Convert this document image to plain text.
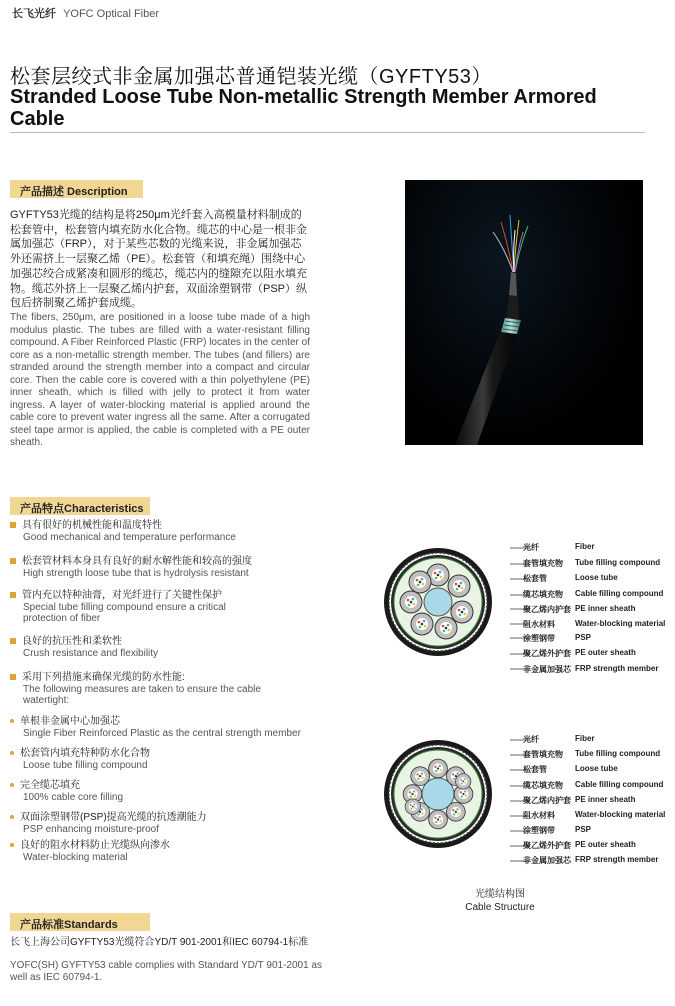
长飞光纤 YOFC Optical Fiber
松套层绞式非金属加强芯普通铠装光缆（GYFTY53）
Stranded Loose Tube Non-metallic Strength Member Armored Cable
产品描述 Description
GYFTY53光缆的结构是将250μm光纤套入高模量材料制成的松套管中，松套管内填充防水化合物。缆芯的中心是一根非金属加强芯（FRP），对于某些芯数的光缆来说，非金属加强芯外还需挤上一层聚乙烯（PE）。松套管（和填充绳）围绕中心加强芯绞合成紧凑和圆形的缆芯，缆芯内的缝隙充以阻水填充物。缆芯外挤上一层聚乙烯内护套，双面涂塑钢带（PSP）纵包后挤制聚乙烯护套成缆。
The fibers, 250μm, are positioned in a loose tube made of a high modulus plastic. The tubes are filled with a water-resistant filling compound. A Fiber Reinforced Plastic (FRP) locates in the center of core as a non-metallic strength member. The tubes (and fillers) are stranded around the strength member into a compact and circular core. Then the cable core is covered with a thin polyethylene (PE) inner sheath, which is filled with jelly to protect it from water ingress. A layer of water-blocking material is applied around the cable core to prevent water ingress all the same. After a corrugated steel tape armor is applied, the cable is completed with a PE outer sheath.
产品特点Characteristics
具有很好的机械性能和温度特性
Good mechanical and temperature performance
松套管材料本身具有良好的耐水解性能和较高的强度
High strength loose tube that is hydrolysis resistant
管内充以特种油膏，对光纤进行了关键性保护
Special tube filling compound ensure a critical protection of fiber
良好的抗压性和柔软性
Crush resistance and flexibility
采用下列措施来确保光缆的防水性能:
The following measures are taken to ensure the cable watertight:
单根非金属中心加强芯
Single Fiber Reinforced Plastic as the central strength member
松套管内填充特种防水化合物
Loose tube filling compound
完全缆芯填充
100% cable core filling
双面涂塑钢带(PSP)提高光缆的抗透潮能力
PSP enhancing moisture-proof
良好的阻水材料防止光缆纵向渗水
Water-blocking material
光纤	Fiber
套管填充物 Tube filling compound
松套管	Loose tube
缆芯填充物 Cable filling compound
聚乙烯内护套 PE inner sheath
阻水材料	Water-blocking material
涂塑钢带	PSP
聚乙烯外护套 PE outer sheath
非金属加强芯 FRP strength member
光纤	Fiber
套管填充物 Tube filling compound
松套管	Loose tube
缆芯填充物 Cable filling compound
聚乙烯内护套 PE inner sheath
阻水材料	Water-blocking material
涂塑钢带	PSP
聚乙烯外护套 PE outer sheath
非金属加强芯 FRP strength member
光缆结构图
Cable Structure
产品标准Standards
长飞上海公司GYFTY53光缆符合YD/T 901-2001和IEC 60794-1标准
YOFC(SH) GYFTY53 cable complies with Standard YD/T 901-2001 as well as IEC 60794-1.
